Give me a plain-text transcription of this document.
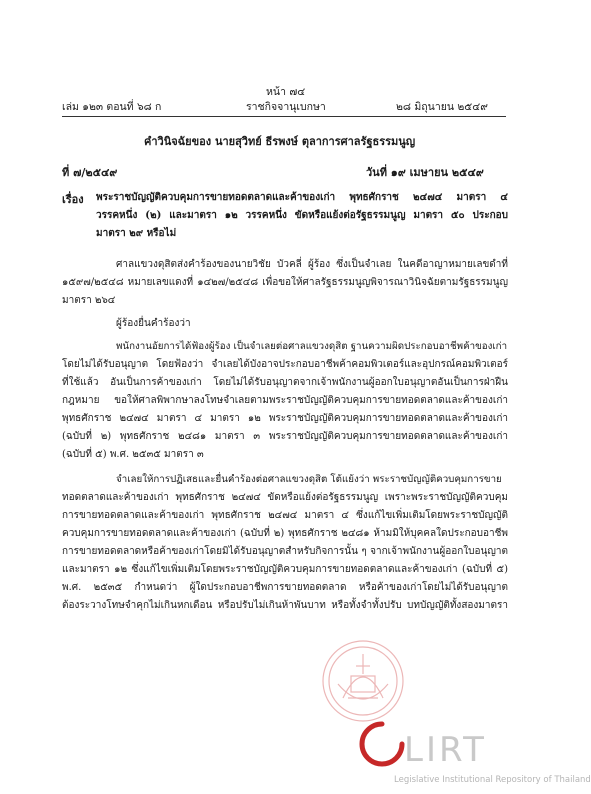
หน้า ๗๔
เล่ม ๑๒๓ ตอนที่ ๖๘ ก	ราชกิจจานุเบกษา	๒๘ มิถุนายน ๒๕๔๙
คำวินิจฉัยของ นายสุวิทย์ ธีรพงษ์ ตุลาการศาลรัฐธรรมนูญ
ที่ ๗/๒๕๔๙	วันที่ ๑๙ เมษายน ๒๕๔๙
เรื่อง พระราชบัญญัติควบคุมการขายทอดตลาดและค้าของเก่า พุทธศักราช ๒๔๗๔ มาตรา ๔
วรรคหนึ่ง (๒) และมาตรา ๑๒ วรรคหนึ่ง ขัดหรือแย้งต่อรัฐธรรมนูญ มาตรา ๕๐ ประกอบ
มาตรา ๒๙ หรือไม่
ศาลแขวงดุสิตส่งคำร้องของนายวิชัย บัวคลี่ ผู้ร้อง ซึ่งเป็นจำเลย ในคดีอาญาหมายเลขดำที่
๑๕๙๗/๒๕๔๘ หมายเลขแดงที่ ๑๔๒๗/๒๕๔๘ เพื่อขอให้ศาลรัฐธรรมนูญพิจารณาวินิจฉัยตามรัฐธรรมนูญ
มาตรา ๒๖๔
ผู้ร้องยื่นคำร้องว่า
พนักงานอัยการได้ฟ้องผู้ร้อง เป็นจำเลยต่อศาลแขวงดุสิต ฐานความผิดประกอบอาชีพค้าของเก่า
โดยไม่ได้รับอนุญาต โดยฟ้องว่า จำเลยได้บังอาจประกอบอาชีพค้าคอมพิวเตอร์และอุปกรณ์คอมพิวเตอร์
ที่ใช้แล้ว อันเป็นการค้าของเก่า โดยไม่ได้รับอนุญาตจากเจ้าพนักงานผู้ออกใบอนุญาตอันเป็นการฝ่าฝืน
กฎหมาย ขอให้ศาลพิพากษาลงโทษจำเลยตามพระราชบัญญัติควบคุมการขายทอดตลาดและค้าของเก่า
พุทธศักราช ๒๔๗๔ มาตรา ๔ มาตรา ๑๒ พระราชบัญญัติควบคุมการขายทอดตลาดและค้าของเก่า
(ฉบับที่ ๒) พุทธศักราช ๒๔๘๑ มาตรา ๓ พระราชบัญญัติควบคุมการขายทอดตลาดและค้าของเก่า
(ฉบับที่ ๕) พ.ศ. ๒๕๓๕ มาตรา ๓
จำเลยให้การปฏิเสธและยื่นคำร้องต่อศาลแขวงดุสิต โต้แย้งว่า พระราชบัญญัติควบคุมการขาย
ทอดตลาดและค้าของเก่า พุทธศักราช ๒๔๗๔ ขัดหรือแย้งต่อรัฐธรรมนูญ เพราะพระราชบัญญัติควบคุม
การขายทอดตลาดและค้าของเก่า พุทธศักราช ๒๔๗๔ มาตรา ๔ ซึ่งแก้ไขเพิ่มเติมโดยพระราชบัญญัติ
ควบคุมการขายทอดตลาดและค้าของเก่า (ฉบับที่ ๒) พุทธศักราช ๒๔๘๑ ห้ามมิให้บุคคลใดประกอบอาชีพ
การขายทอดตลาดหรือค้าของเก่าโดยมิได้รับอนุญาตสำหรับกิจการนั้น ๆ จากเจ้าพนักงานผู้ออกใบอนุญาต
และมาตรา ๑๒ ซึ่งแก้ไขเพิ่มเติมโดยพระราชบัญญัติควบคุมการขายทอดตลาดและค้าของเก่า (ฉบับที่ ๕)
พ.ศ. ๒๕๓๕ กำหนดว่า ผู้ใดประกอบอาชีพการขายทอดตลาด หรือค้าของเก่าโดยไม่ได้รับอนุญาต
ต้องระวางโทษจำคุกไม่เกินหกเดือน หรือปรับไม่เกินห้าพันบาท หรือทั้งจำทั้งปรับ บทบัญญัติทั้งสองมาตรา
LIRT
Legislative Institutional Repository of Thailand
